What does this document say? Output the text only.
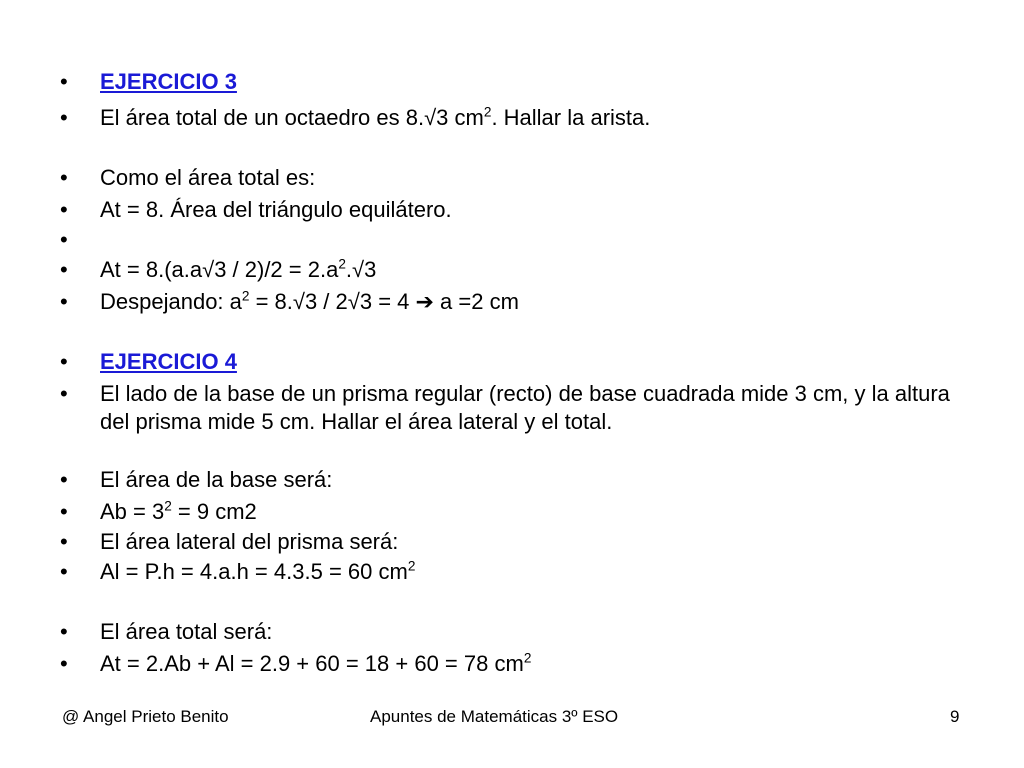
•	EJERCICIO 3
•	El área total de un octaedro es 8.√3 $cm^2$. Hallar la arista.
•	Como el área total es:
•	At = 8. Área del triángulo equilátero.
•
•	$At = 8.(a.a√3 / 2)/2 = 2.a^2.√3$
•	Despejando: $a^2 = 8.√3 / 2√3 = 4$ ➔ a =2 cm
•	EJERCICIO 4
•	El lado de la base de un prisma regular (recto) de base cuadrada mide 3 cm, y la altura del prisma mide 5 cm. Hallar el área lateral y el total.
•	El área de la base será:
•	$Ab = 3^2 = 9$ cm2
•	El área lateral del prisma será:
•	Al = P.h = 4.a.h = 4.3.5 = 60 $cm^2$
•	El área total será:
•	At = 2.Ab + Al = 2.9 + 60 = 18 + 60 = 78 $cm^2$
@ Angel Prieto Benito	Apuntes de Matemáticas 3º ESO	9
